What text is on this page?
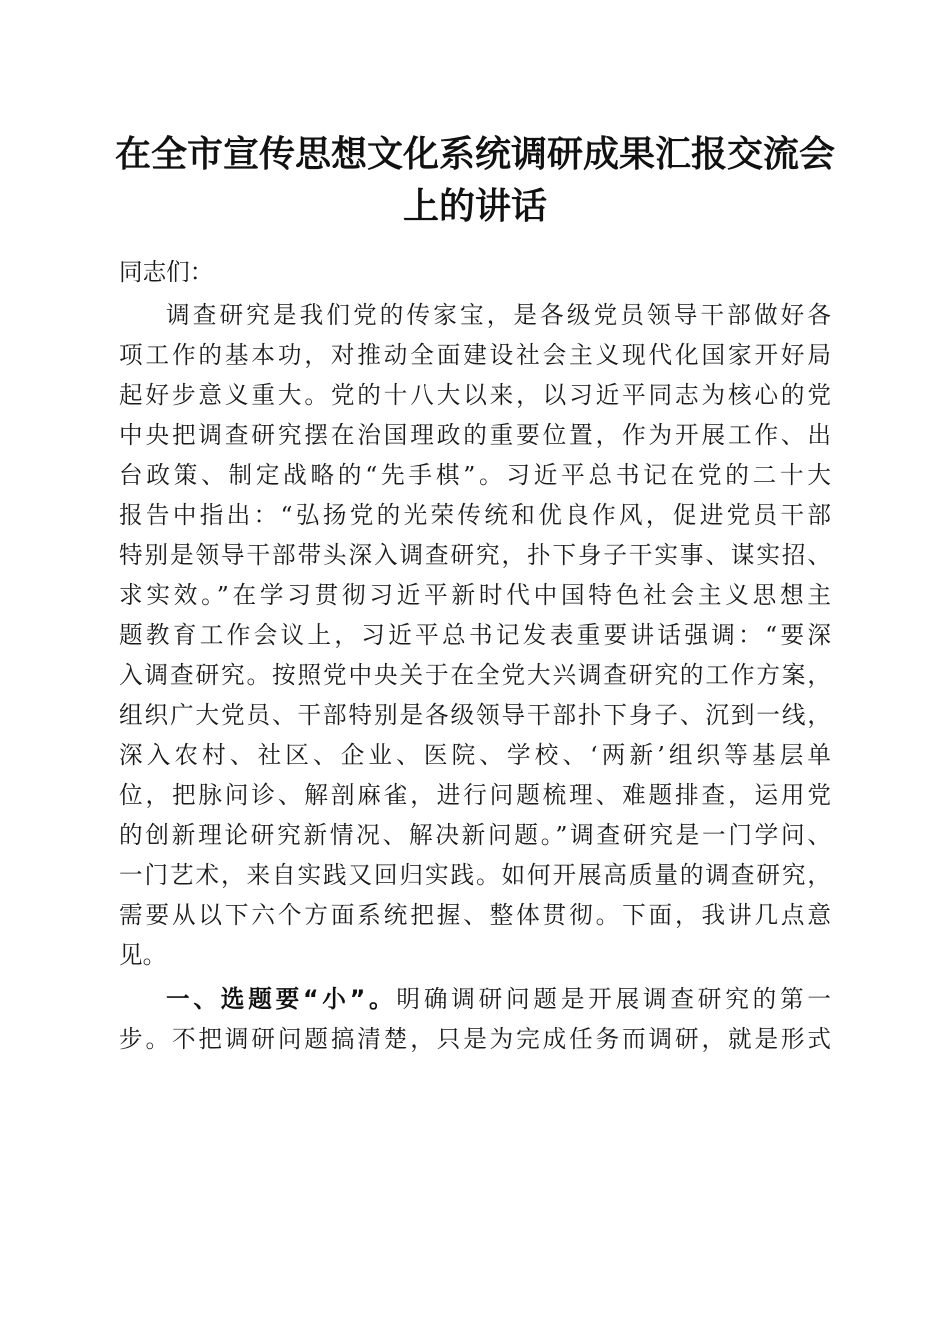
在全市宣传思想文化系统调研成果汇报交流会
上的讲话
同志们：
调查研究是我们党的传家宝，是各级党员领导干部做好各
项工作的基本功，对推动全面建设社会主义现代化国家开好局
起好步意义重大。党的十八大以来，以习近平同志为核心的党
中央把调查研究摆在治国理政的重要位置，作为开展工作、出
台政策、制定战略的“先手棋”。习近平总书记在党的二十大
报告中指出：“弘扬党的光荣传统和优良作风，促进党员干部
特别是领导干部带头深入调查研究，扑下身子干实事、谋实招、
求实效。”在学习贯彻习近平新时代中国特色社会主义思想主
题教育工作会议上，习近平总书记发表重要讲话强调：“要深
入调查研究。按照党中央关于在全党大兴调查研究的工作方案，
组织广大党员、干部特别是各级领导干部扑下身子、沉到一线，
深入农村、社区、企业、医院、学校、‘两新’组织等基层单
位，把脉问诊、解剖麻雀，进行问题梳理、难题排查，运用党
的创新理论研究新情况、解决新问题。”调查研究是一门学问、
一门艺术，来自实践又回归实践。如何开展高质量的调查研究，
需要从以下六个方面系统把握、整体贯彻。下面，我讲几点意
见。
一、选题要“小”。明确调研问题是开展调查研究的第一
步。不把调研问题搞清楚，只是为完成任务而调研，就是形式
